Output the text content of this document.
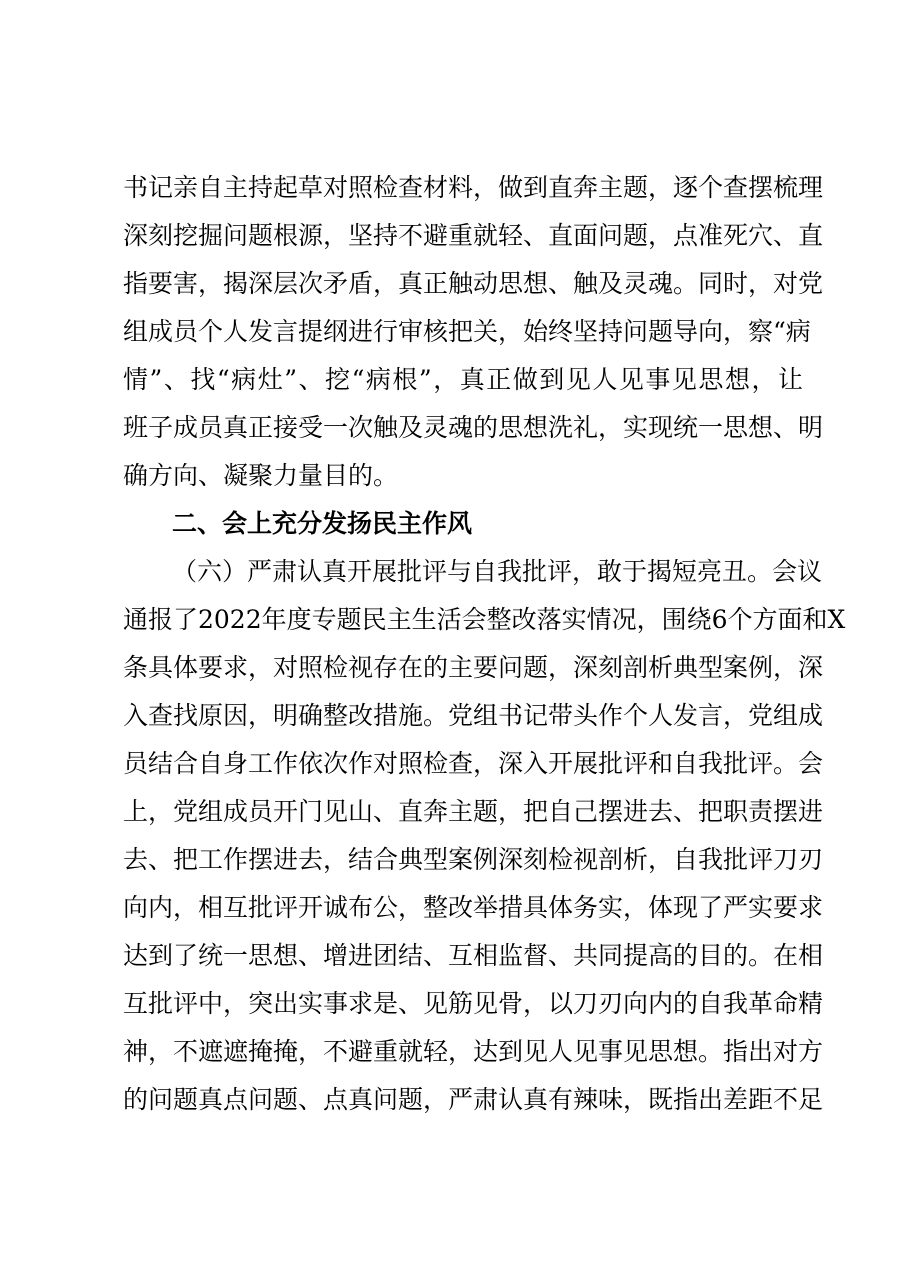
书记亲自主持起草对照检查材料，做到直奔主题，逐个查摆梳理
深刻挖掘问题根源，坚持不避重就轻、直面问题，点准死穴、直
指要害，揭深层次矛盾，真正触动思想、触及灵魂。同时，对党
组成员个人发言提纲进行审核把关，始终坚持问题导向，察“病
情”、找“病灶”、挖“病根”，真正做到见人见事见思想，让
班子成员真正接受一次触及灵魂的思想洗礼，实现统一思想、明
确方向、凝聚力量目的。
二、会上充分发扬民主作风
（六）严肃认真开展批评与自我批评，敢于揭短亮丑。会议
通报了2022年度专题民主生活会整改落实情况，围绕6个方面和X
条具体要求，对照检视存在的主要问题，深刻剖析典型案例，深
入查找原因，明确整改措施。党组书记带头作个人发言，党组成
员结合自身工作依次作对照检查，深入开展批评和自我批评。会
上，党组成员开门见山、直奔主题，把自己摆进去、把职责摆进
去、把工作摆进去，结合典型案例深刻检视剖析，自我批评刀刃
向内，相互批评开诚布公，整改举措具体务实，体现了严实要求
达到了统一思想、增进团结、互相监督、共同提高的目的。在相
互批评中，突出实事求是、见筋见骨，以刀刃向内的自我革命精
神，不遮遮掩掩，不避重就轻，达到见人见事见思想。指出对方
的问题真点问题、点真问题，严肃认真有辣味，既指出差距不足
